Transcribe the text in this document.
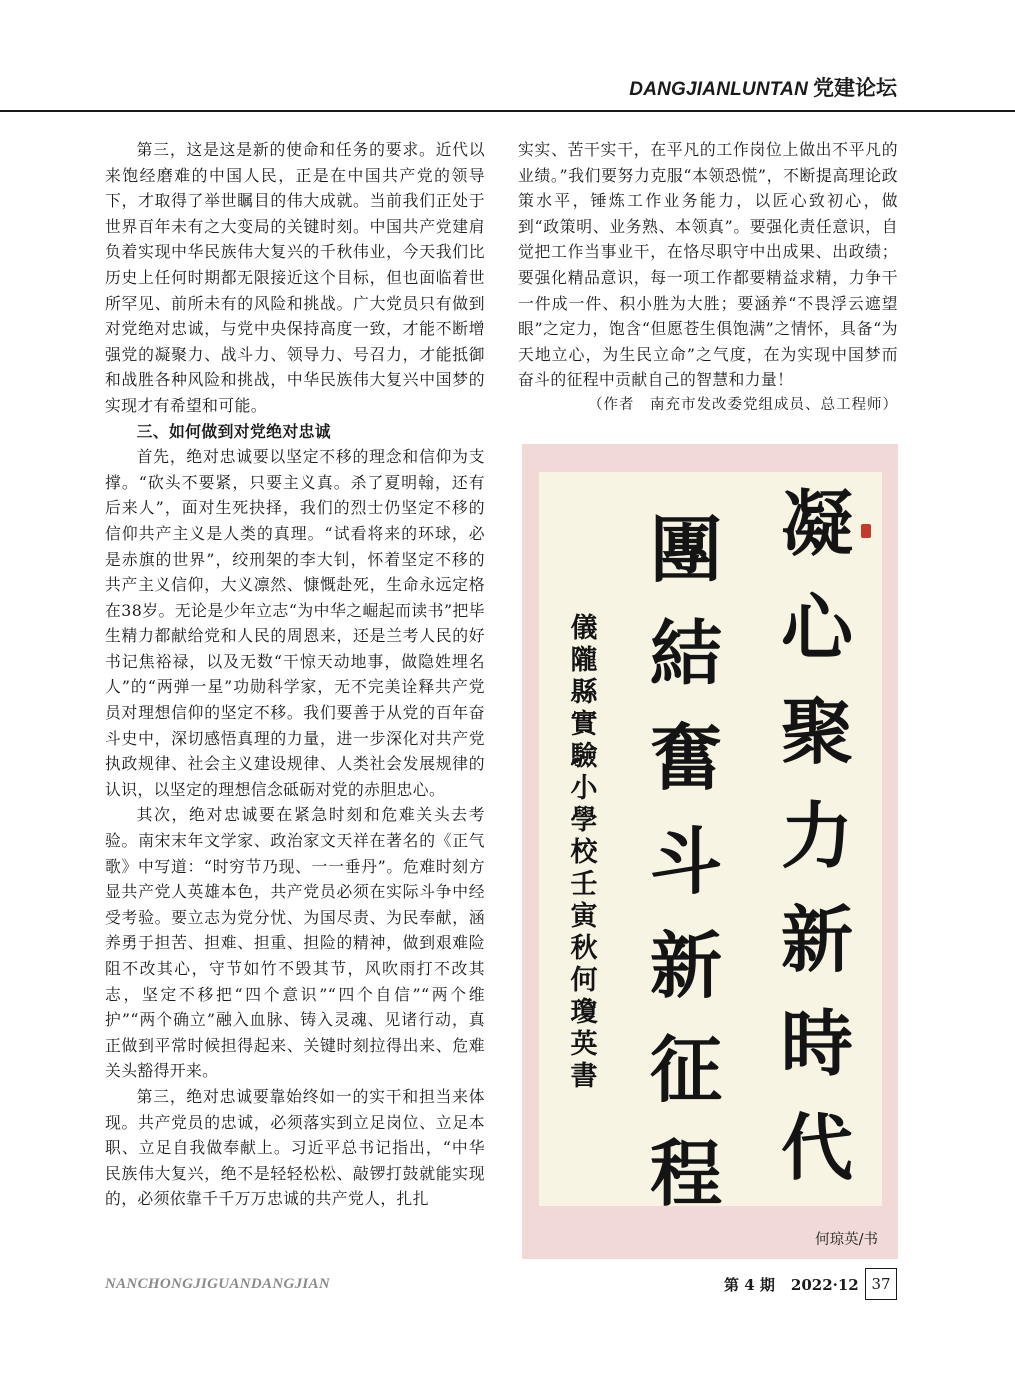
DANGJIANLUNTAN 党建论坛

第三，这是这是新的使命和任务的要求。近代以来饱经磨难的中国人民，正是在中国共产党的领导下，才取得了举世瞩目的伟大成就。当前我们正处于世界百年未有之大变局的关键时刻。中国共产党建肩负着实现中华民族伟大复兴的千秋伟业，今天我们比历史上任何时期都无限接近这个目标，但也面临着世所罕见、前所未有的风险和挑战。广大党员只有做到对党绝对忠诚，与党中央保持高度一致，才能不断增强党的凝聚力、战斗力、领导力、号召力，才能抵御和战胜各种风险和挑战，中华民族伟大复兴中国梦的实现才有希望和可能。

三、如何做到对党绝对忠诚

首先，绝对忠诚要以坚定不移的理念和信仰为支撑。“砍头不要紧，只要主义真。杀了夏明翰，还有后来人”，面对生死抉择，我们的烈士仍坚定不移的信仰共产主义是人类的真理。“试看将来的环球，必是赤旗的世界”，绞刑架的李大钊，怀着坚定不移的共产主义信仰，大义凛然、慷慨赴死，生命永远定格在38岁。无论是少年立志“为中华之崛起而读书”把毕生精力都献给党和人民的周恩来，还是兰考人民的好书记焦裕禄，以及无数“干惊天动地事，做隐姓埋名人”的“两弹一星”功勋科学家，无不完美诠释共产党员对理想信仰的坚定不移。我们要善于从党的百年奋斗史中，深切感悟真理的力量，进一步深化对共产党执政规律、社会主义建设规律、人类社会发展规律的认识，以坚定的理想信念砥砺对党的赤胆忠心。

其次，绝对忠诚要在紧急时刻和危难关头去考验。南宋末年文学家、政治家文天祥在著名的《正气歌》中写道：“时穷节乃现、一一垂丹”。危难时刻方显共产党人英雄本色，共产党员必须在实际斗争中经受考验。要立志为党分忧、为国尽责、为民奉献，涵养勇于担苦、担难、担重、担险的精神，做到艰难险阻不改其心，守节如竹不毁其节，风吹雨打不改其志，坚定不移把“四个意识”“四个自信”“两个维护”“两个确立”融入血脉、铸入灵魂、见诸行动，真正做到平常时候担得起来、关键时刻拉得出来、危难关头豁得开来。

第三，绝对忠诚要靠始终如一的实干和担当来体现。共产党员的忠诚，必须落实到立足岗位、立足本职、立足自我做奉献上。习近平总书记指出，“中华民族伟大复兴，绝不是轻轻松松、敲锣打鼓就能实现的，必须依靠千千万万忠诚的共产党人，扎扎

实实、苦干实干，在平凡的工作岗位上做出不平凡的业绩。”我们要努力克服“本领恐慌”，不断提高理论政策水平，锤炼工作业务能力，以匠心致初心，做到“政策明、业务熟、本领真”。要强化责任意识，自觉把工作当事业干，在恪尽职守中出成果、出政绩；要强化精品意识，每一项工作都要精益求精，力争干一件成一件、积小胜为大胜；要涵养“不畏浮云遮望眼”之定力，饱含“但愿苍生俱饱满”之情怀，具备“为天地立心，为生民立命”之气度，在为实现中国梦而奋斗的征程中贡献自己的智慧和力量！

（作者　南充市发改委党组成员、总工程师）

凝心聚力新時代
團結奮斗新征程
儀隴縣實驗小學校壬寅秋何瓊英書
何琼英/书
NANCHONGJIGUANDANGJIAN	第 4 期 2022·12 37
